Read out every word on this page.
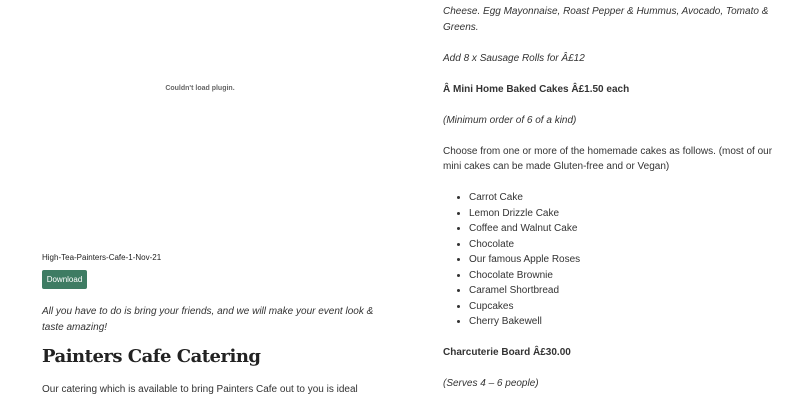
Couldn't load plugin.
High-Tea-Painters-Cafe-1-Nov-21
Download

All you have to do is bring your friends, and we will make your event look & taste amazing!

Painters Cafe Catering

Our catering which is available to bring Painters Cafe out to you is ideal

Cheese. Egg Mayonnaise, Roast Pepper & Hummus, Avocado, Tomato &

Greens.

Add 8 x Sausage Rolls for Â£12

Â Mini Home Baked Cakes Â£1.50 each

(Minimum order of 6 of a kind)

Choose from one or more of the homemade cakes as follows. (most of our mini cakes can be made Gluten-free and or Vegan)

• Carrot Cake
• Lemon Drizzle Cake
• Coffee and Walnut Cake
• Chocolate
• Our famous Apple Roses
• Chocolate Brownie
• Caramel Shortbread
• Cupcakes
• Cherry Bakewell

Charcuterie Board Â£30.00

(Serves 4 – 6 people)
